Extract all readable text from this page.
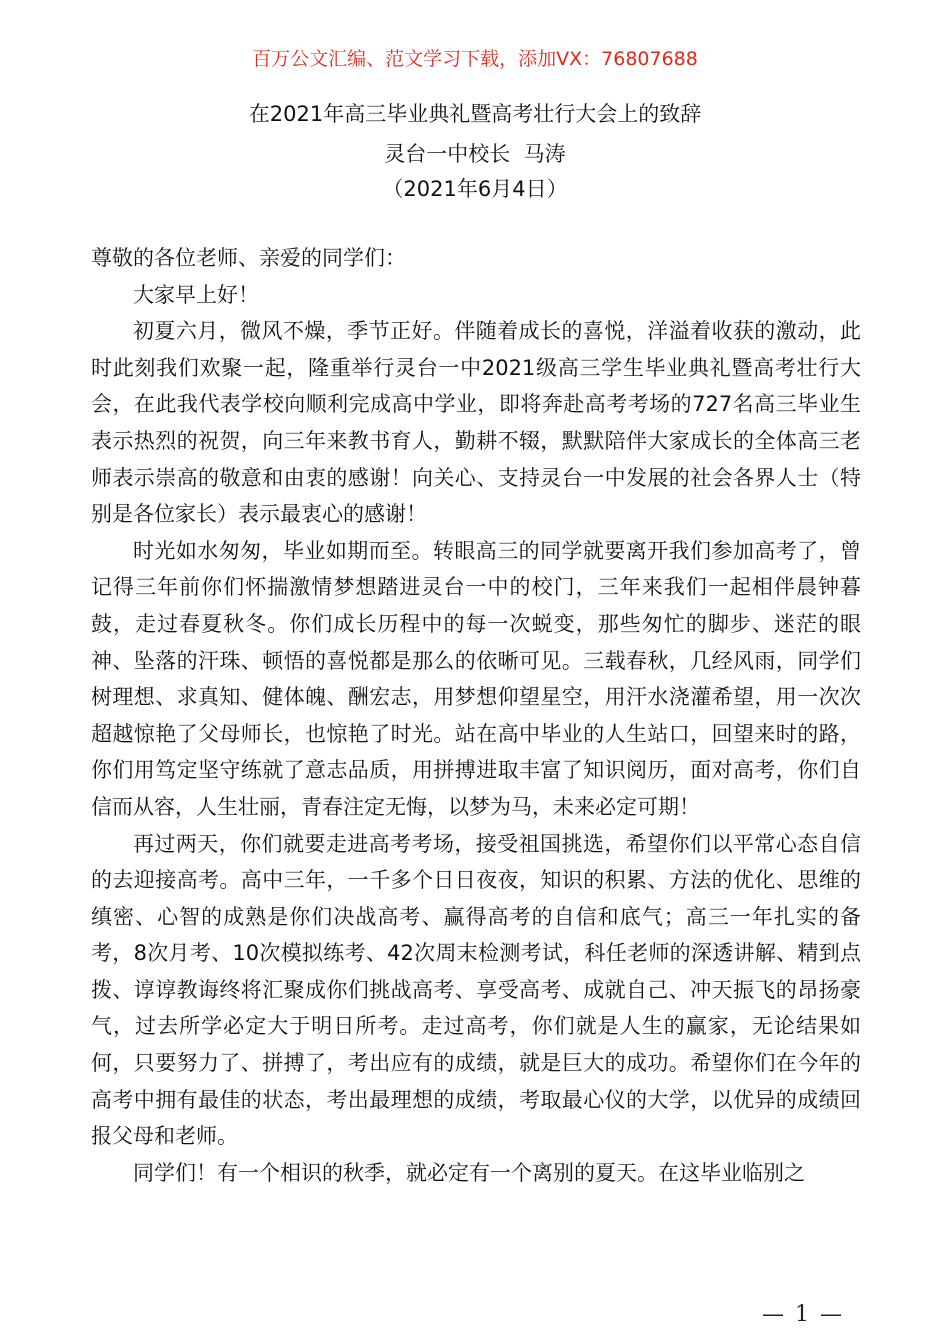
百万公文汇编、范文学习下载，添加VX：76807688
在2021年高三毕业典礼暨高考壮行大会上的致辞
灵台一中校长  马涛
（2021年6月4日）

尊敬的各位老师、亲爱的同学们：

大家早上好！

初夏六月，微风不燥，季节正好。伴随着成长的喜悦，洋溢着收获的激动，此时此刻我们欢聚一起，隆重举行灵台一中2021级高三学生毕业典礼暨高考壮行大会，在此我代表学校向顺利完成高中学业，即将奔赴高考考场的727名高三毕业生表示热烈的祝贺，向三年来教书育人，勤耕不辍，默默陪伴大家成长的全体高三老师表示崇高的敬意和由衷的感谢！向关心、支持灵台一中发展的社会各界人士（特别是各位家长）表示最衷心的感谢！

时光如水匆匆，毕业如期而至。转眼高三的同学就要离开我们参加高考了，曾记得三年前你们怀揣激情梦想踏进灵台一中的校门，三年来我们一起相伴晨钟暮鼓，走过春夏秋冬。你们成长历程中的每一次蜕变，那些匆忙的脚步、迷茫的眼神、坠落的汗珠、顿悟的喜悦都是那么的依晰可见。三载春秋，几经风雨，同学们树理想、求真知、健体魄、酬宏志，用梦想仰望星空，用汗水浇灌希望，用一次次超越惊艳了父母师长，也惊艳了时光。站在高中毕业的人生站口，回望来时的路，你们用笃定坚守练就了意志品质，用拼搏进取丰富了知识阅历，面对高考，你们自信而从容，人生壮丽，青春注定无悔，以梦为马，未来必定可期！

再过两天，你们就要走进高考考场，接受祖国挑选，希望你们以平常心态自信的去迎接高考。高中三年，一千多个日日夜夜，知识的积累、方法的优化、思维的缜密、心智的成熟是你们决战高考、赢得高考的自信和底气；高三一年扎实的备考，8次月考、10次模拟练考、42次周末检测考试，科任老师的深透讲解、精到点拨、谆谆教诲终将汇聚成你们挑战高考、享受高考、成就自己、冲天振飞的昂扬豪气，过去所学必定大于明日所考。走过高考，你们就是人生的赢家，无论结果如何，只要努力了、拼搏了，考出应有的成绩，就是巨大的成功。希望你们在今年的高考中拥有最佳的状态，考出最理想的成绩，考取最心仪的大学，以优异的成绩回报父母和老师。

同学们！有一个相识的秋季，就必定有一个离别的夏天。在这毕业临别之

— 1 —
